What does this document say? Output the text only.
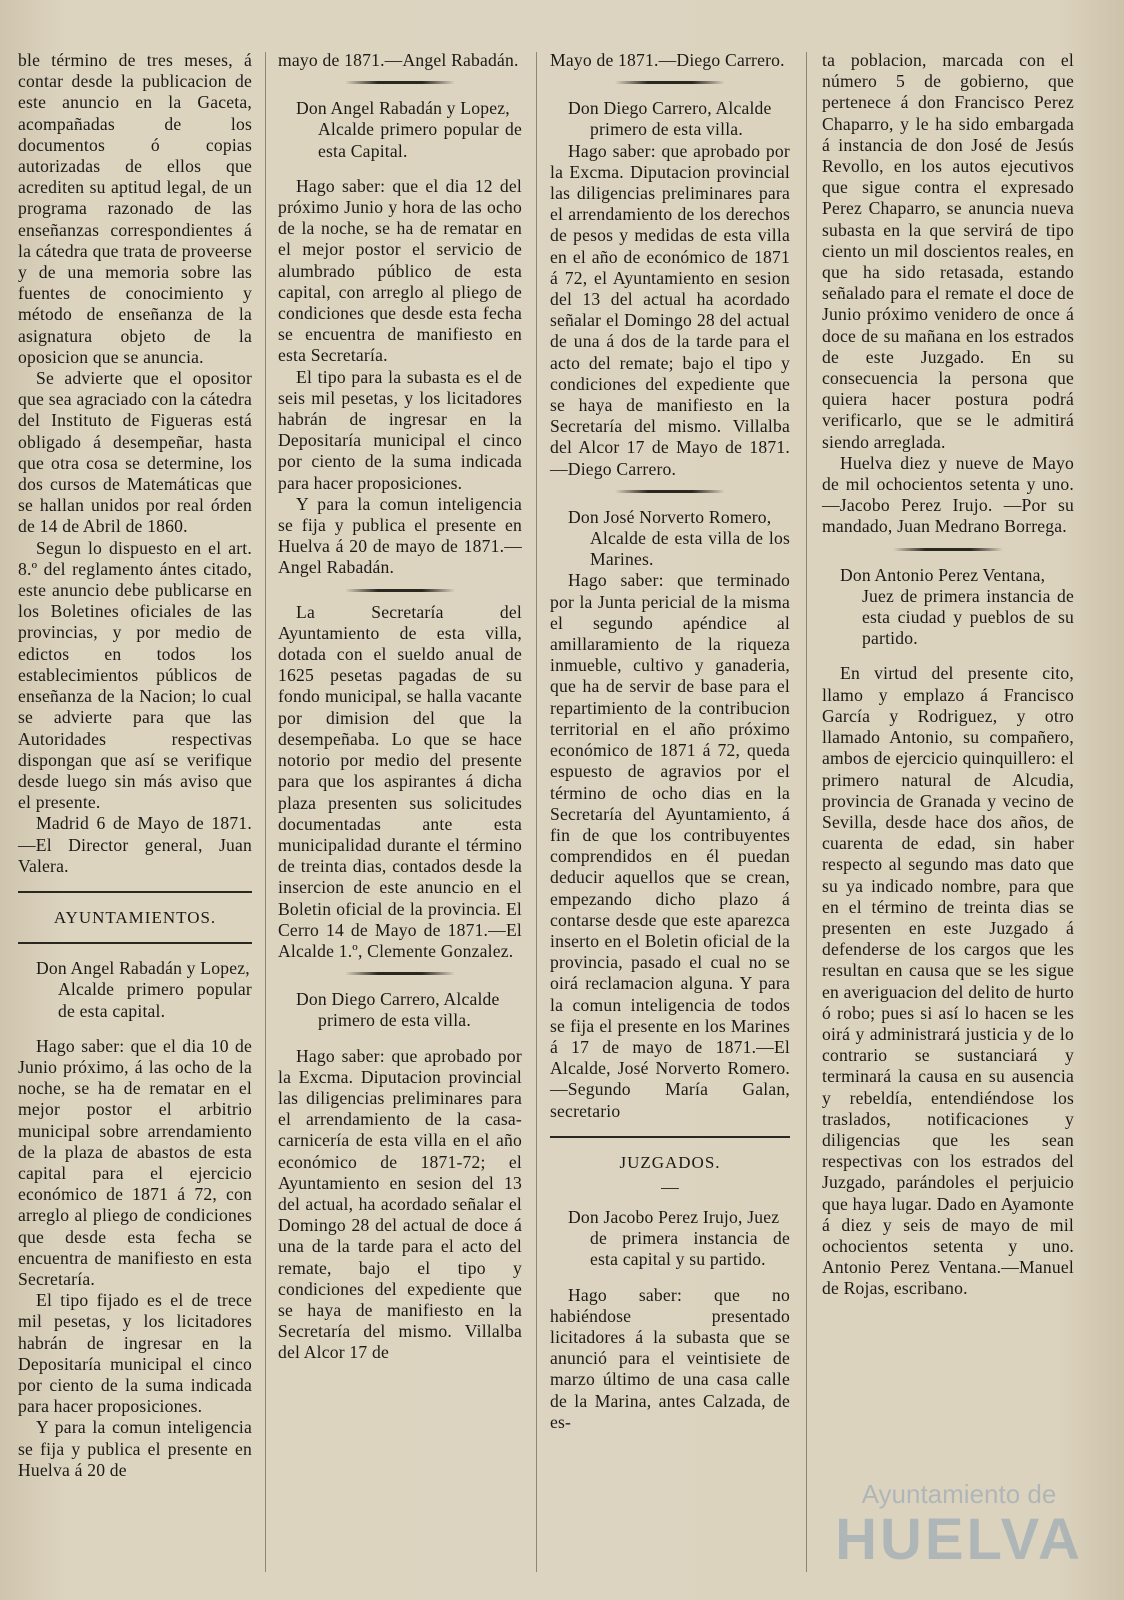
ble término de tres meses, á contar desde la publicacion de este anuncio en la Gaceta, acompañadas de los documentos ó copias autorizadas de ellos que acrediten su aptitud legal, de un programa razonado de las enseñanzas correspondientes á la cátedra que trata de proveerse y de una memoria sobre las fuentes de conocimiento y método de enseñanza de la asignatura objeto de la oposicion que se anuncia.

Se advierte que el opositor que sea agraciado con la cátedra del Instituto de Figueras está obligado á desempeñar, hasta que otra cosa se determine, los dos cursos de Matemáticas que se hallan unidos por real órden de 14 de Abril de 1860.

Segun lo dispuesto en el art. 8.º del reglamento ántes citado, este anuncio debe publicarse en los Boletines oficiales de las provincias, y por medio de edictos en todos los establecimientos públicos de enseñanza de la Nacion; lo cual se advierte para que las Autoridades respectivas dispongan que así se verifique desde luego sin más aviso que el presente.

Madrid 6 de Mayo de 1871.—El Director general, Juan Valera.

AYUNTAMIENTOS.
Don Angel Rabadán y Lopez,
Alcalde primero popular de esta capital.

Hago saber: que el dia 10 de Junio próximo, á las ocho de la noche, se ha de rematar en el mejor postor el arbitrio municipal sobre arrendamiento de la plaza de abastos de esta capital para el ejercicio económico de 1871 á 72, con arreglo al pliego de condiciones que desde esta fecha se encuentra de manifiesto en esta Secretaría.

El tipo fijado es el de trece mil pesetas, y los licitadores habrán de ingresar en la Depositaría municipal el cinco por ciento de la suma indicada para hacer proposiciones.

Y para la comun inteligencia se fija y publica el presente en Huelva á 20 de

mayo de 1871.—Angel Rabadán.

Don Angel Rabadán y Lopez,
Alcalde primero popular de esta Capital.

Hago saber: que el dia 12 del próximo Junio y hora de las ocho de la noche, se ha de rematar en el mejor postor el servicio de alumbrado público de esta capital, con arreglo al pliego de condiciones que desde esta fecha se encuentra de manifiesto en esta Secretaría.

El tipo para la subasta es el de seis mil pesetas, y los licitadores habrán de ingresar en la Depositaría municipal el cinco por ciento de la suma indicada para hacer proposiciones.

Y para la comun inteligencia se fija y publica el presente en Huelva á 20 de mayo de 1871.—Angel Rabadán.

La Secretaría del Ayuntamiento de esta villa, dotada con el sueldo anual de 1625 pesetas pagadas de su fondo municipal, se halla vacante por dimision del que la desempeñaba. Lo que se hace notorio por medio del presente para que los aspirantes á dicha plaza presenten sus solicitudes documentadas ante esta municipalidad durante el término de treinta dias, contados desde la insercion de este anuncio en el Boletin oficial de la provincia. El Cerro 14 de Mayo de 1871.—El Alcalde 1.º, Clemente Gonzalez.

Don Diego Carrero, Alcalde
primero de esta villa.

Hago saber: que aprobado por la Excma. Diputacion provincial las diligencias preliminares para el arrendamiento de la casa-carnicería de esta villa en el año económico de 1871-72; el Ayuntamiento en sesion del 13 del actual, ha acordado señalar el Domingo 28 del actual de doce á una de la tarde para el acto del remate, bajo el tipo y condiciones del expediente que se haya de manifiesto en la Secretaría del mismo. Villalba del Alcor 17 de

Mayo de 1871.—Diego Carrero.

Don Diego Carrero, Alcalde
primero de esta villa.

Hago saber: que aprobado por la Excma. Diputacion provincial las diligencias preliminares para el arrendamiento de los derechos de pesos y medidas de esta villa en el año de económico de 1871 á 72, el Ayuntamiento en sesion del 13 del actual ha acordado señalar el Domingo 28 del actual de una á dos de la tarde para el acto del remate; bajo el tipo y condiciones del expediente que se haya de manifiesto en la Secretaría del mismo. Villalba del Alcor 17 de Mayo de 1871.—Diego Carrero.

Don José Norverto Romero,
Alcalde de esta villa de los Marines.

Hago saber: que terminado por la Junta pericial de la misma el segundo apéndice al amillaramiento de la riqueza inmueble, cultivo y ganaderia, que ha de servir de base para el repartimiento de la contribucion territorial en el año próximo económico de 1871 á 72, queda espuesto de agravios por el término de ocho dias en la Secretaría del Ayuntamiento, á fin de que los contribuyentes comprendidos en él puedan deducir aquellos que se crean, empezando dicho plazo á contarse desde que este aparezca inserto en el Boletin oficial de la provincia, pasado el cual no se oirá reclamacion alguna. Y para la comun inteligencia de todos se fija el presente en los Marines á 17 de mayo de 1871.—El Alcalde, José Norverto Romero.—Segundo María Galan, secretario

JUZGADOS.
—
Don Jacobo Perez Irujo, Juez
de primera instancia de esta capital y su partido.

Hago saber: que no habiéndose presentado licitadores á la subasta que se anunció para el veintisiete de marzo último de una casa calle de la Marina, antes Calzada, de es-

ta poblacion, marcada con el número 5 de gobierno, que pertenece á don Francisco Perez Chaparro, y le ha sido embargada á instancia de don José de Jesús Revollo, en los autos ejecutivos que sigue contra el expresado Perez Chaparro, se anuncia nueva subasta en la que servirá de tipo ciento un mil doscientos reales, en que ha sido retasada, estando señalado para el remate el doce de Junio próximo venidero de once á doce de su mañana en los estrados de este Juzgado. En su consecuencia la persona que quiera hacer postura podrá verificarlo, que se le admitirá siendo arreglada.

Huelva diez y nueve de Mayo de mil ochocientos setenta y uno.—Jacobo Perez Irujo. —Por su mandado, Juan Medrano Borrega.

Don Antonio Perez Ventana,
Juez de primera instancia de esta ciudad y pueblos de su partido.

En virtud del presente cito, llamo y emplazo á Francisco García y Rodriguez, y otro llamado Antonio, su compañero, ambos de ejercicio quinquillero: el primero natural de Alcudia, provincia de Granada y vecino de Sevilla, desde hace dos años, de cuarenta de edad, sin haber respecto al segundo mas dato que su ya indicado nombre, para que en el término de treinta dias se presenten en este Juzgado á defenderse de los cargos que les resultan en causa que se les sigue en averiguacion del delito de hurto ó robo; pues si así lo hacen se les oirá y administrará justicia y de lo contrario se sustanciará y terminará la causa en su ausencia y rebeldía, entendiéndose los traslados, notificaciones y diligencias que les sean respectivas con los estrados del Juzgado, parándoles el perjuicio que haya lugar. Dado en Ayamonte á diez y seis de mayo de mil ochocientos setenta y uno. Antonio Perez Ventana.—Manuel de Rojas, escribano.

Ayuntamiento de
HUELVA
